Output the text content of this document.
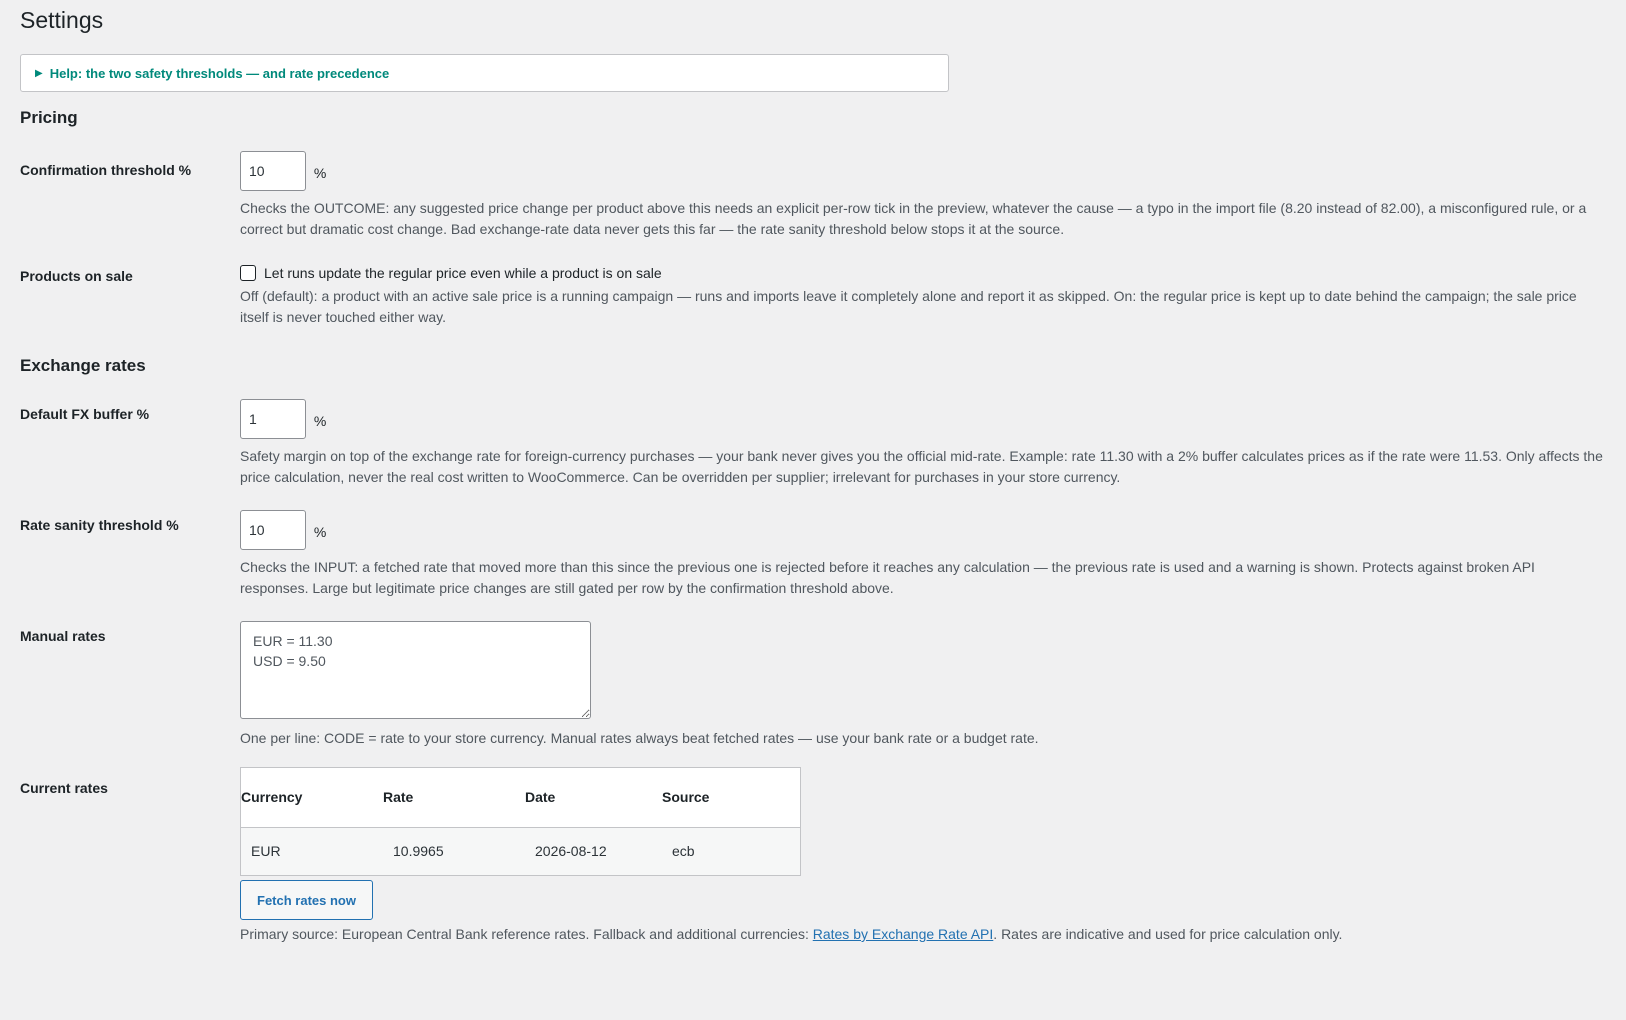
Settings
▶ Help: the two safety thresholds — and rate precedence
Pricing
Confirmation threshold %
10	%

Checks the OUTCOME: any suggested price change per product above this needs an explicit per-row tick in the preview, whatever the cause — a typo in the import file (8.20 instead of 82.00), a misconfigured rule, or a correct but dramatic cost change. Bad exchange-rate data never gets this far — the rate sanity threshold below stops it at the source.

Products on sale	Let runs update the regular price even while a product is on sale

Off (default): a product with an active sale price is a running campaign — runs and imports leave it completely alone and report it as skipped. On: the regular price is kept up to date behind the campaign; the sale price itself is never touched either way.

Exchange rates
Default FX buffer %
1	%

Safety margin on top of the exchange rate for foreign-currency purchases — your bank never gives you the official mid-rate. Example: rate 11.30 with a 2% buffer calculates prices as if the rate were 11.53. Only affects the price calculation, never the real cost written to WooCommerce. Can be overridden per supplier; irrelevant for purchases in your store currency.

Rate sanity threshold %
10	%

Checks the INPUT: a fetched rate that moved more than this since the previous one is rejected before it reaches any calculation — the previous rate is used and a warning is shown. Protects against broken API responses. Large but legitimate price changes are still gated per row by the confirmation threshold above.

Manual rates
EUR = 11.30 USD = 9.50

One per line: CODE = rate to your store currency. Manual rates always beat fetched rates — use your bank rate or a budget rate.

Current rates
Currency	Rate	Date	Source
EUR	10.9965	2026-08-12	ecb
Fetch rates now

Primary source: European Central Bank reference rates. Fallback and additional currencies: Rates by Exchange Rate API. Rates are indicative and used for price calculation only.
